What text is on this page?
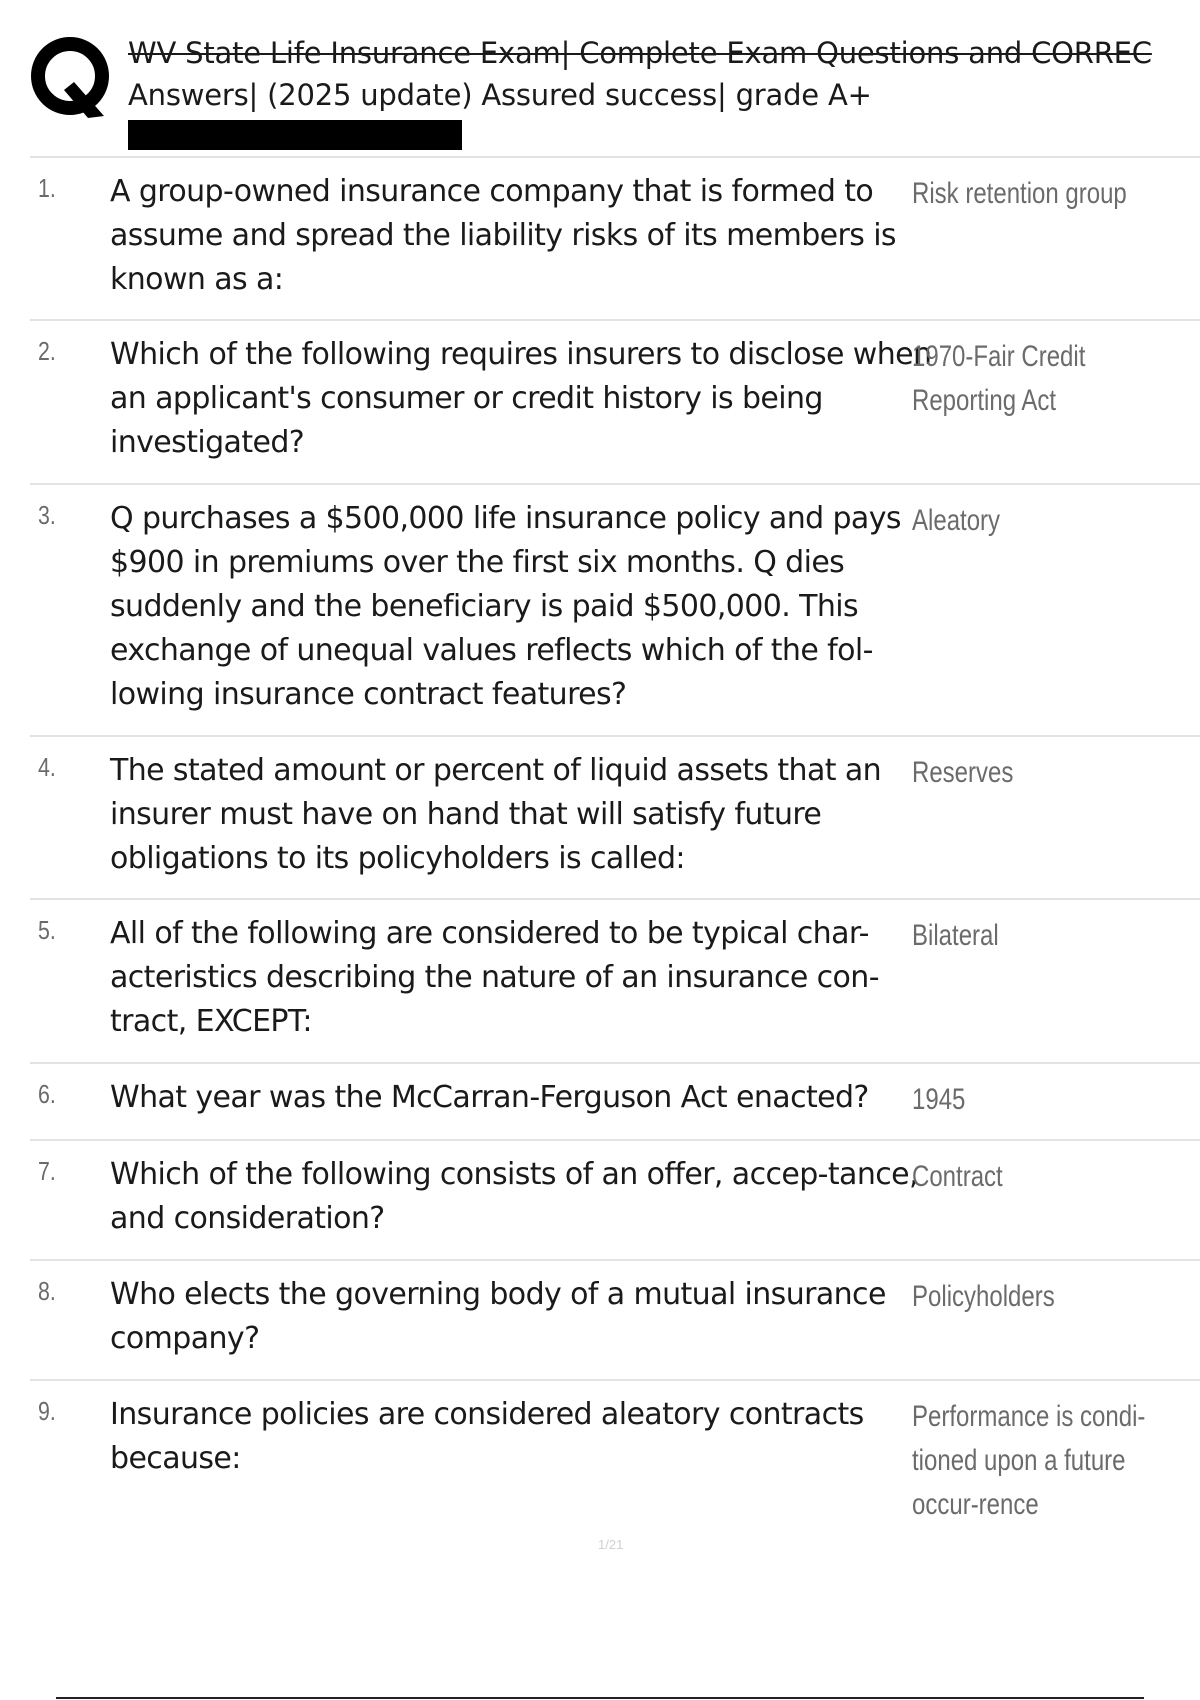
WV State Life Insurance Exam| Complete Exam Questions and CORREC
Answers| (2025 update) Assured success| grade A+
1. A group-owned insurance company that is formed to assume and spread the liability risks of its members is known as a:
Risk retention group
2. Which of the following requires insurers to disclose when an applicant's consumer or credit history is being investigated?
1970-Fair Credit Reporting Act
3. Q purchases a $500,000 life insurance policy and pays $900 in premiums over the first six months. Q dies suddenly and the beneficiary is paid $500,000. This exchange of unequal values reflects which of the fol-lowing insurance contract features?
Aleatory
4. The stated amount or percent of liquid assets that an insurer must have on hand that will satisfy future obligations to its policyholders is called:
Reserves
5. All of the following are considered to be typical char-acteristics describing the nature of an insurance con-tract, EXCEPT:
Bilateral
6. What year was the McCarran-Ferguson Act enacted?	1945
7. Which of the following consists of an offer, accep-tance, and consideration?
Contract
8. Who elects the governing body of a mutual insurance company?
Policyholders
9. Insurance policies are considered aleatory contracts because:
Performance is condi-tioned upon a future occur-rence
1/21
